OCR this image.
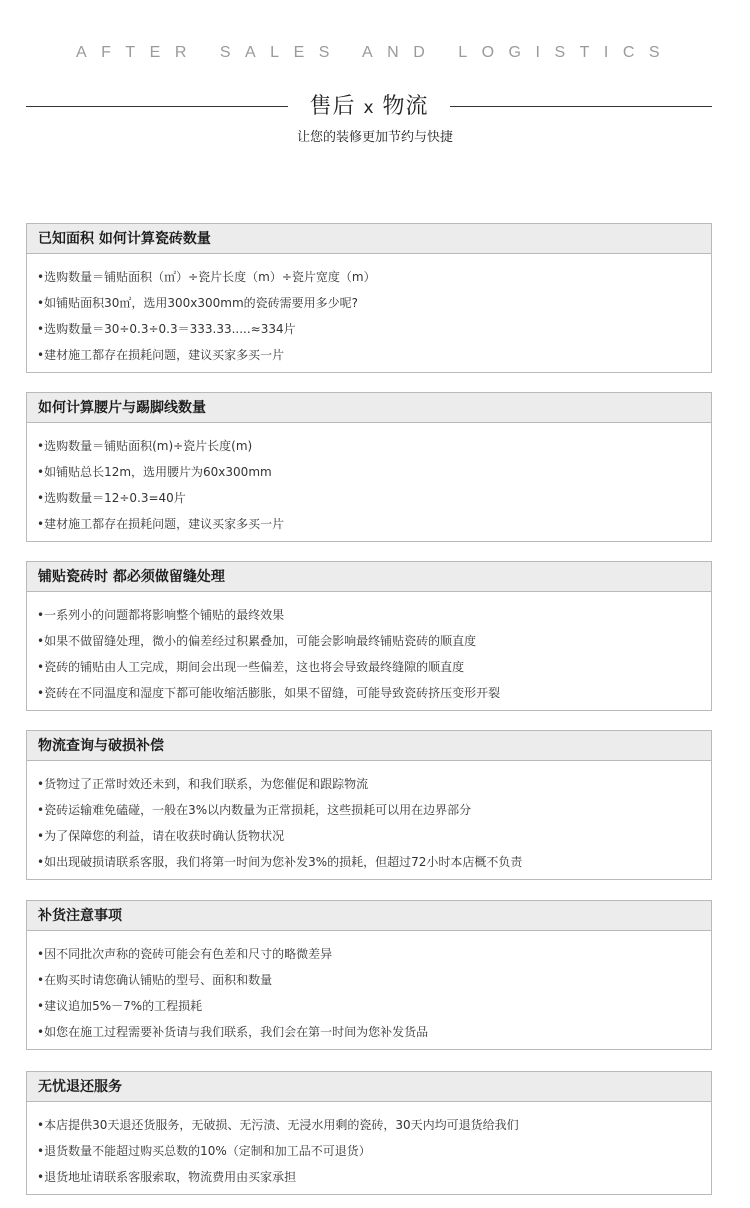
AFTER SALES AND LOGISTICS
售后 x 物流
让您的装修更加节约与快捷
已知面积 如何计算瓷砖数量
•选购数量＝铺贴面积（㎡）÷瓷片长度（m）÷瓷片宽度（m）
•如铺贴面积30㎡，选用300x300mm的瓷砖需要用多少呢?
•选购数量＝30÷0.3÷0.3＝333.33.....≈334片
•建材施工都存在损耗问题，建议买家多买一片
如何计算腰片与踢脚线数量
•选购数量＝铺贴面积(m)÷瓷片长度(m)
•如铺贴总长12m，选用腰片为60x300mm
•选购数量＝12÷0.3=40片
•建材施工都存在损耗问题，建议买家多买一片
铺贴瓷砖时 都必须做留缝处理
•一系列小的问题都将影响整个铺贴的最终效果
•如果不做留缝处理，微小的偏差经过积累叠加，可能会影响最终铺贴瓷砖的顺直度
•瓷砖的铺贴由人工完成，期间会出现一些偏差，这也将会导致最终缝隙的顺直度
•瓷砖在不同温度和湿度下都可能收缩活膨胀，如果不留缝，可能导致瓷砖挤压变形开裂
物流查询与破损补偿
•货物过了正常时效还未到，和我们联系，为您催促和跟踪物流
•瓷砖运输难免磕碰，一般在3%以内数量为正常损耗，这些损耗可以用在边界部分
•为了保障您的利益，请在收获时确认货物状况
•如出现破损请联系客服，我们将第一时间为您补发3%的损耗，但超过72小时本店概不负责
补货注意事项
•因不同批次声称的瓷砖可能会有色差和尺寸的略微差异
•在购买时请您确认铺贴的型号、面积和数量
•建议追加5%－7%的工程损耗
•如您在施工过程需要补货请与我们联系，我们会在第一时间为您补发货品
无忧退还服务
•本店提供30天退还货服务，无破损、无污渍、无浸水用剩的瓷砖，30天内均可退货给我们
•退货数量不能超过购买总数的10%（定制和加工品不可退货）
•退货地址请联系客服索取，物流费用由买家承担
